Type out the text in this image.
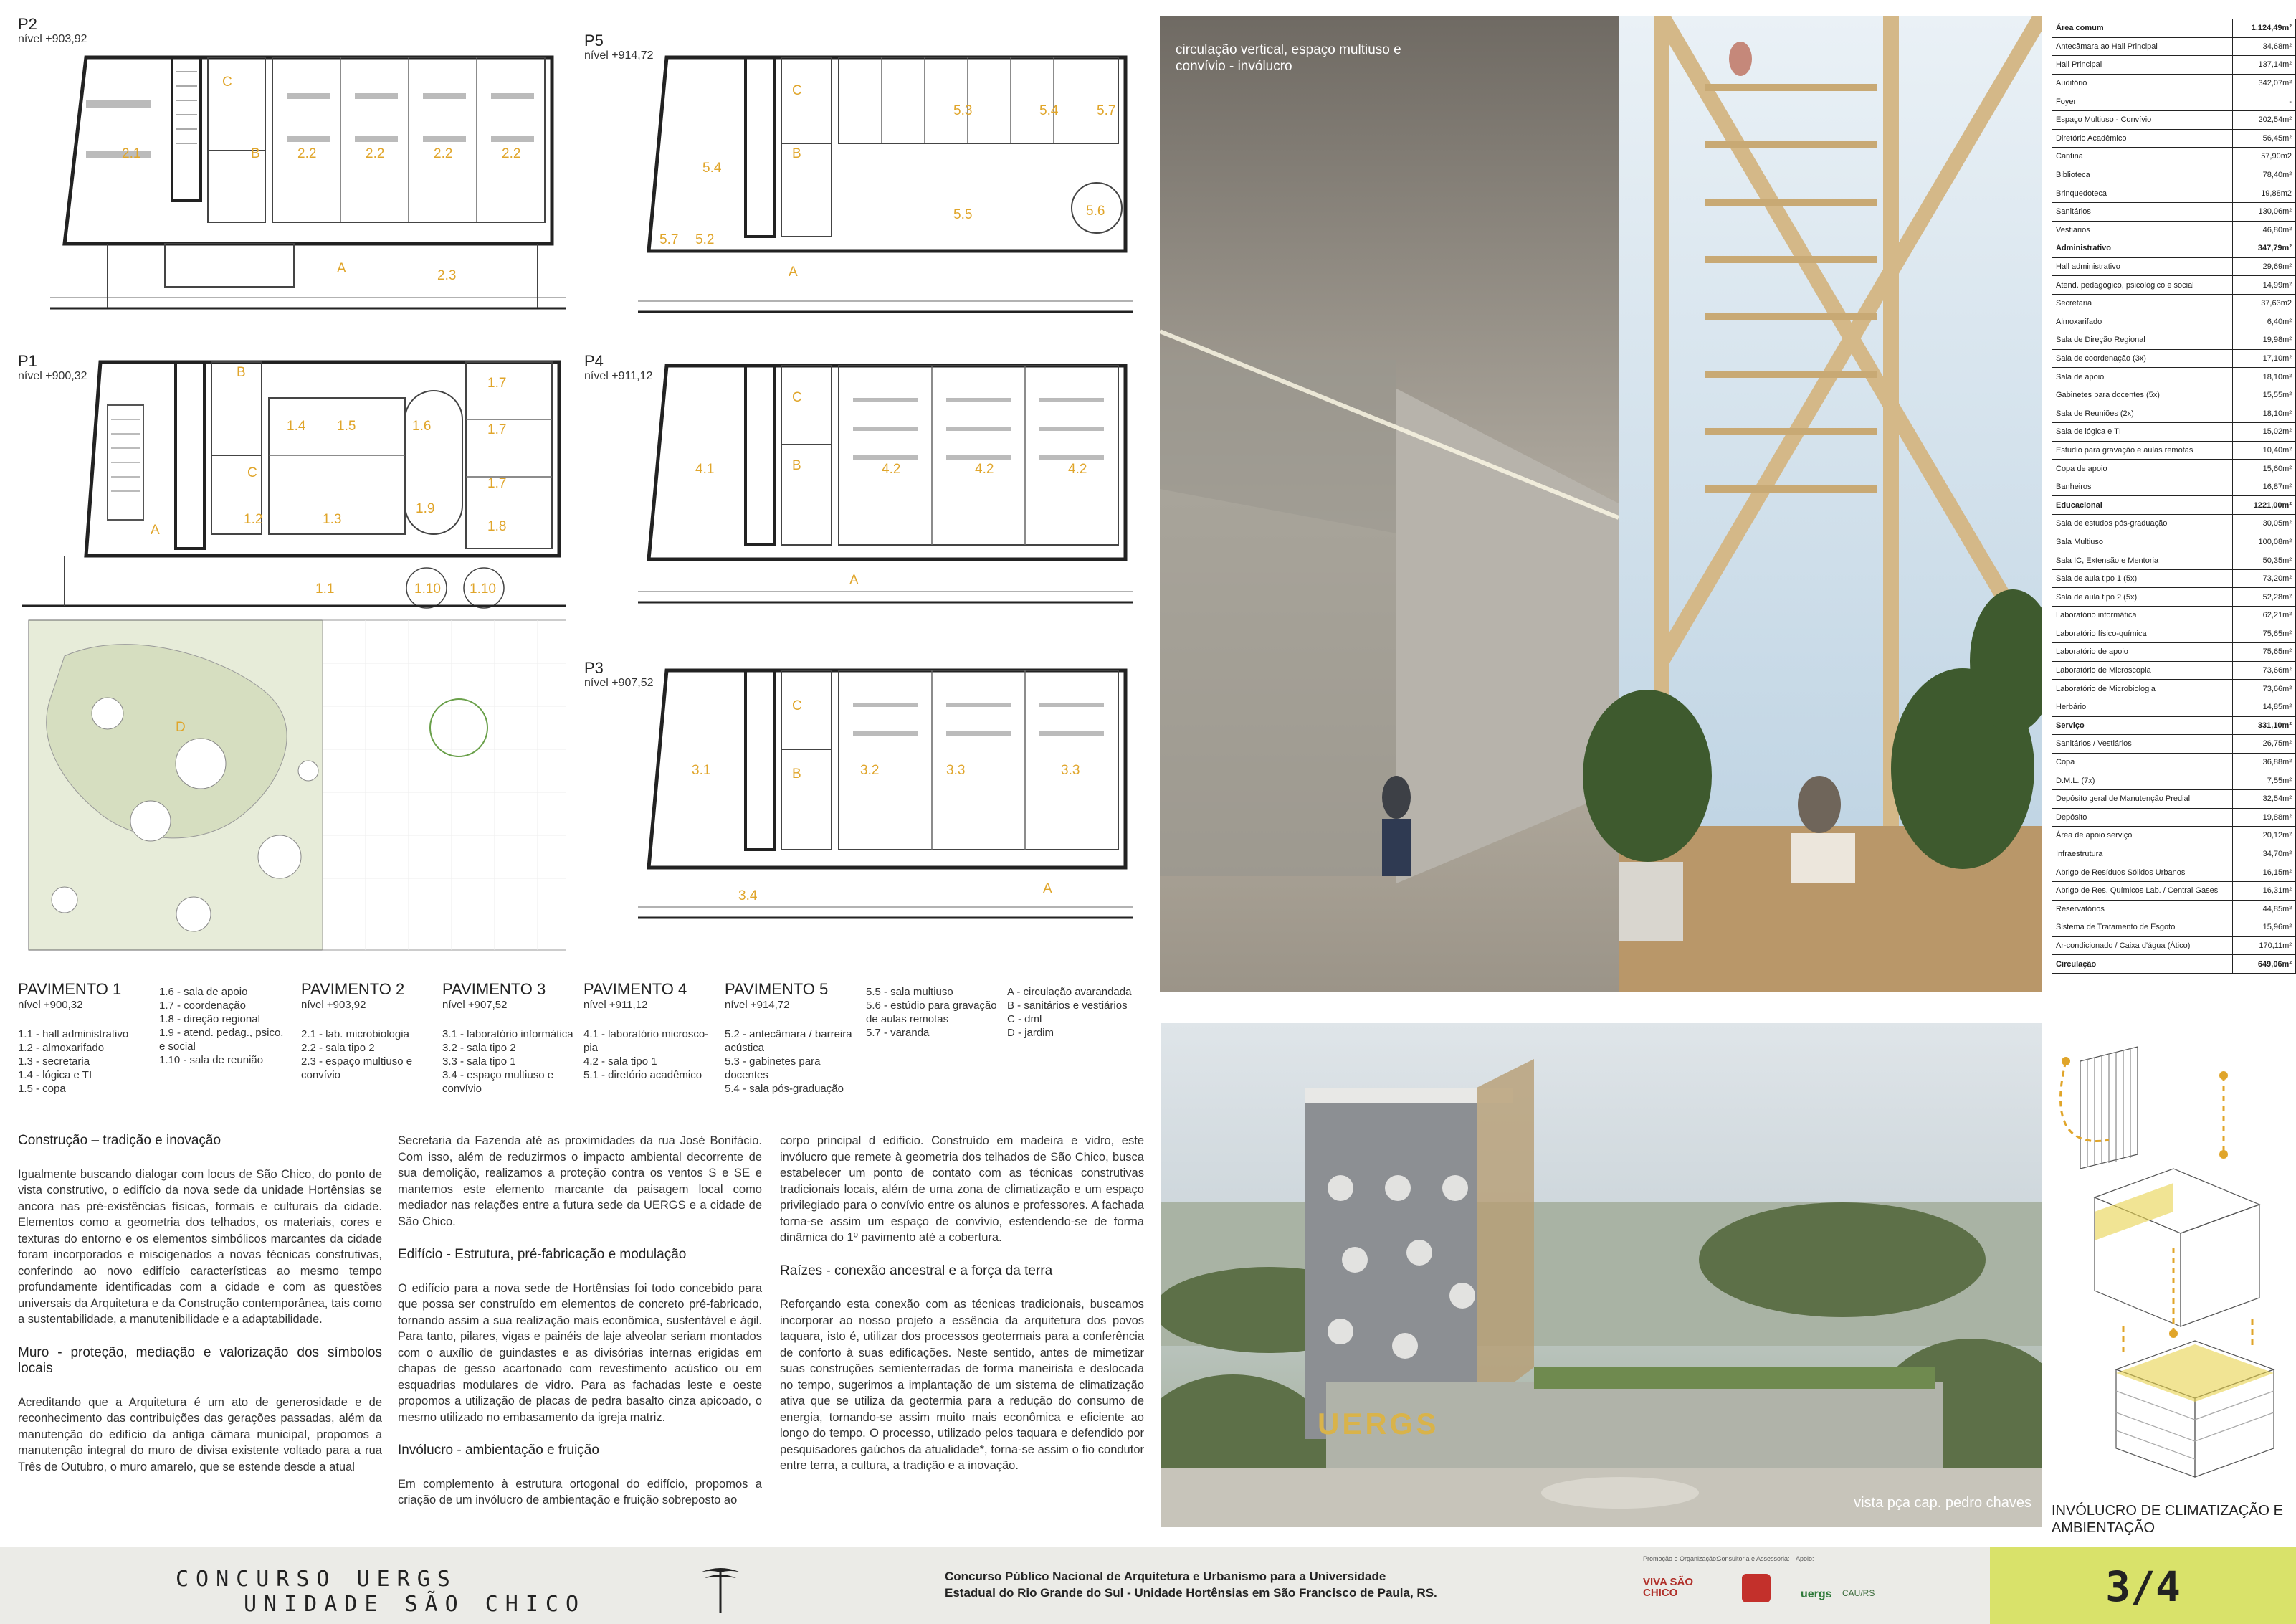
P2
nível +903,92
C
B
2.1	2.2	2.2	2.2	2.2
A	2.3
P5
nível +914,72
C
B
5.3	5.4	5.7
5.4
5.5	5.6
5.7 5.2
A
P1
nível +900,32	B
1.4 1.5	1.6
1.7
1.7
1.7
1.8
C
1.2	1.3
1.9
A
1.1	1.10 1.10
D
P4
nível +911,12
C
B
4.1	4.2	4.2	4.2
A
P3
nível +907,52
C
B
3.1	3.2	3.3	3.3
3.4	A
PAVIMENTO 1
nível +900,32
1.1 - hall administrativo
1.2 - almoxarifado
1.3 - secretaria
1.4 - lógica e TI
1.5 - copa
1.6 - sala de apoio
1.7 - coordenação
1.8 - direção regional
1.9 - atend. pedag., psico.
e social
1.10 - sala de reunião
PAVIMENTO 2
nível +903,92
2.1 - lab. microbiologia
2.2 - sala tipo 2
2.3 - espaço multiuso e
convívio
PAVIMENTO 3
nível +907,52
3.1 - laboratório informática
3.2 - sala tipo 2
3.3 - sala tipo 1
3.4 - espaço multiuso e
convívio
PAVIMENTO 4
nível +911,12
4.1 - laboratório microsco-
pia
4.2 - sala tipo 1
5.1 - diretório acadêmico
PAVIMENTO 5
nível +914,72
5.2 - antecâmara / barreira
acústica
5.3 - gabinetes para
docentes
5.4 - sala pós-graduação
5.5 - sala multiuso
5.6 - estúdio para gravação
de aulas remotas
5.7 - varanda
A - circulação avarandada
B - sanitários e vestiários
C - dml
D - jardim
Construção – tradição e inovação

Igualmente buscando dialogar com locus de São Chico, do ponto de vista construtivo, o edifício da nova sede da unidade Hortênsias se ancora nas pré-existências físicas, formais e culturais da cidade. Elementos como a geometria dos telhados, os materiais, cores e texturas do entorno e os elementos simbólicos marcantes da cidade foram incorporados e miscigenados a novas técnicas construtivas, conferindo ao novo edifício características ao mesmo tempo profundamente identificadas com a cidade e com as questões universais da Arquitetura e da Construção contemporânea, tais como a sustentabilidade, a manutenibilidade e a adaptabilidade.

Muro - proteção, mediação e valorização dos símbolos locais

Acreditando que a Arquitetura é um ato de generosidade e de reconhecimento das contribuições das gerações passadas, além da manutenção do edifício da antiga câmara municipal, propomos a manutenção integral do muro de divisa existente voltado para a rua Três de Outubro, o muro amarelo, que se estende desde a atual

Secretaria da Fazenda até as proximidades da rua José Bonifácio. Com isso, além de reduzirmos o impacto ambiental decorrente de sua demolição, realizamos a proteção contra os ventos S e SE e mantemos este elemento marcante da paisagem local como mediador nas relações entre a futura sede da UERGS e a cidade de São Chico.

Edifício - Estrutura, pré-fabricação e modulação

O edifício para a nova sede de Hortênsias foi todo concebido para que possa ser construído em elementos de concreto pré-fabricado, tornando assim a sua realização mais econômica, sustentável e ágil. Para tanto, pilares, vigas e painéis de laje alveolar seriam montados com o auxílio de guindastes e as divisórias internas erigidas em chapas de gesso acartonado com revestimento acústico ou em esquadrias modulares de vidro. Para as fachadas leste e oeste propomos a utilização de placas de pedra basalto cinza apicoado, o mesmo utilizado no embasamento da igreja matriz.

Invólucro - ambientação e fruição

Em complemento à estrutura ortogonal do edifício, propomos a criação de um invólucro de ambientação e fruição sobreposto ao

corpo principal d edifício. Construído em madeira e vidro, este invólucro que remete à geometria dos telhados de São Chico, busca estabelecer um ponto de contato com as técnicas construtivas tradicionais locais, além de uma zona de climatização e um espaço privilegiado para o convívio entre os alunos e professores. A fachada torna-se assim um espaço de convívio, estendendo-se de forma dinâmica do 1º pavimento até a cobertura.

Raízes - conexão ancestral e a força da terra

Reforçando esta conexão com as técnicas tradicionais, buscamos incorporar ao nosso projeto a essência da arquitetura dos povos taquara, isto é, utilizar dos processos geotermais para a conferência de conforto à suas edificações. Neste sentido, antes de mimetizar suas construções semienterradas de forma maneirista e deslocada no tempo, sugerimos a implantação de um sistema de climatização ativa que se utiliza da geotermia para a redução do consumo de energia, tornando-se assim muito mais econômica e eficiente ao longo do tempo. O processo, utilizado pelos taquara e defendido por pesquisadores gaúchos da atualidade*, torna-se assim o fio condutor entre terra, a cultura, a tradição e a inovação.

circulação vertical, espaço multiuso e convívio - invólucro
Área comum	1.124,49m²
Antecâmara ao Hall Principal	34,68m²
Hall Principal	137,14m²
Auditório	342,07m²
Foyer	-
Espaço Multiuso - Convívio	202,54m²
Diretório Acadêmico	56,45m²
Cantina	57,90m2
Biblioteca	78,40m²
Brinquedoteca	19,88m2
Sanitários	130,06m²
Vestiários	46,80m²
Administrativo	347,79m²
Hall administrativo	29,69m²
Atend. pedagógico, psicológico e social	14,99m²
Secretaria	37,63m2
Almoxarifado	6,40m²
Sala de Direção Regional	19,98m²
Sala de coordenação (3x)	17,10m²
Sala de apoio	18,10m²
Gabinetes para docentes (5x)	15,55m²
Sala de Reuniões (2x)	18,10m²
Sala de lógica e TI	15,02m²
Estúdio para gravação e aulas remotas	10,40m²
Copa de apoio	15,60m²
Banheiros	16,87m²
Educacional	1221,00m²
Sala de estudos pós-graduação	30,05m²
Sala Multiuso	100,08m²
Sala IC, Extensão e Mentoria	50,35m²
Sala de aula tipo 1 (5x)	73,20m²
Sala de aula tipo 2 (5x)	52,28m²
Laboratório informática	62,21m²
Laboratório físico-química	75,65m²
Laboratório de apoio	75,65m²
Laboratório de Microscopia	73,66m²
Laboratório de Microbiologia	73,66m²
Herbário	14,85m²
Serviço	331,10m²
Sanitários / Vestiários	26,75m²
Copa	36,88m²
D.M.L. (7x)	7,55m²
Depósito geral de Manutenção Predial	32,54m²
Depósito	19,88m²
Área de apoio serviço	20,12m²
Infraestrutura	34,70m²
Abrigo de Resíduos Sólidos Urbanos	16,15m²
Abrigo de Res. Químicos Lab. / Central Gases	16,31m²
Reservatórios	44,85m²
Sistema de Tratamento de Esgoto	15,96m²
Ar-condicionado / Caixa d'água (Ático)	170,11m²
Circulação	649,06m²
UERGS
vista pça cap. pedro chaves INVÓLUCRO DE CLIMATIZAÇÃO E AMBIENTAÇÃO
CONCURSO UERGS
UNIDADE SÃO CHICO
Concurso Público Nacional de Arquitetura e Urbanismo para a Universidade
Estadual do Rio Grande do Sul - Unidade Hortênsias em São Francisco de Paula, RS.
Promoção e Organização:
VIVA SÃO CHICO
Consultoria e Assessoria: Apoio:
uergs CAU/RS	3/4
